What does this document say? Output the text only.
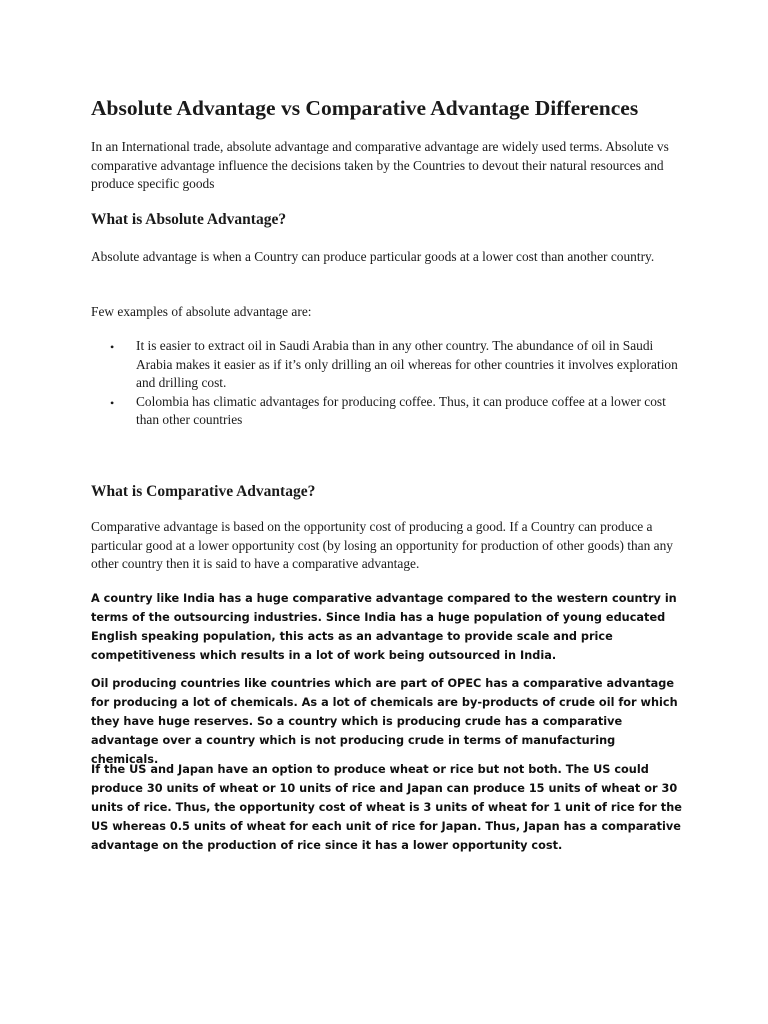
Absolute Advantage vs Comparative Advantage Differences

In an International trade, absolute advantage and comparative advantage are widely used terms. Absolute vs comparative advantage influence the decisions taken by the Countries to devout their natural resources and produce specific goods

What is Absolute Advantage?

Absolute advantage is when a Country can produce particular goods at a lower cost than another country.

Few examples of absolute advantage are:

• It is easier to extract oil in Saudi Arabia than in any other country. The abundance of oil in Saudi Arabia makes it easier as if it’s only drilling an oil whereas for other countries it involves exploration and drilling cost.
• Colombia has climatic advantages for producing coffee. Thus, it can produce coffee at a lower cost than other countries
What is Comparative Advantage?

Comparative advantage is based on the opportunity cost of producing a good. If a Country can produce a particular good at a lower opportunity cost (by losing an opportunity for production of other goods) than any other country then it is said to have a comparative advantage.

A country like India has a huge comparative advantage compared to the western country in terms of the outsourcing industries. Since India has a huge population of young educated English speaking population, this acts as an advantage to provide scale and price competitiveness which results in a lot of work being outsourced in India.

Oil producing countries like countries which are part of OPEC has a comparative advantage for producing a lot of chemicals. As a lot of chemicals are by-products of crude oil for which they have huge reserves. So a country which is producing crude has a comparative advantage over a country which is not producing crude in terms of manufacturing chemicals.

If the US and Japan have an option to produce wheat or rice but not both. The US could produce 30 units of wheat or 10 units of rice and Japan can produce 15 units of wheat or 30 units of rice. Thus, the opportunity cost of wheat is 3 units of wheat for 1 unit of rice for the US whereas 0.5 units of wheat for each unit of rice for Japan. Thus, Japan has a comparative advantage on the production of rice since it has a lower opportunity cost.
